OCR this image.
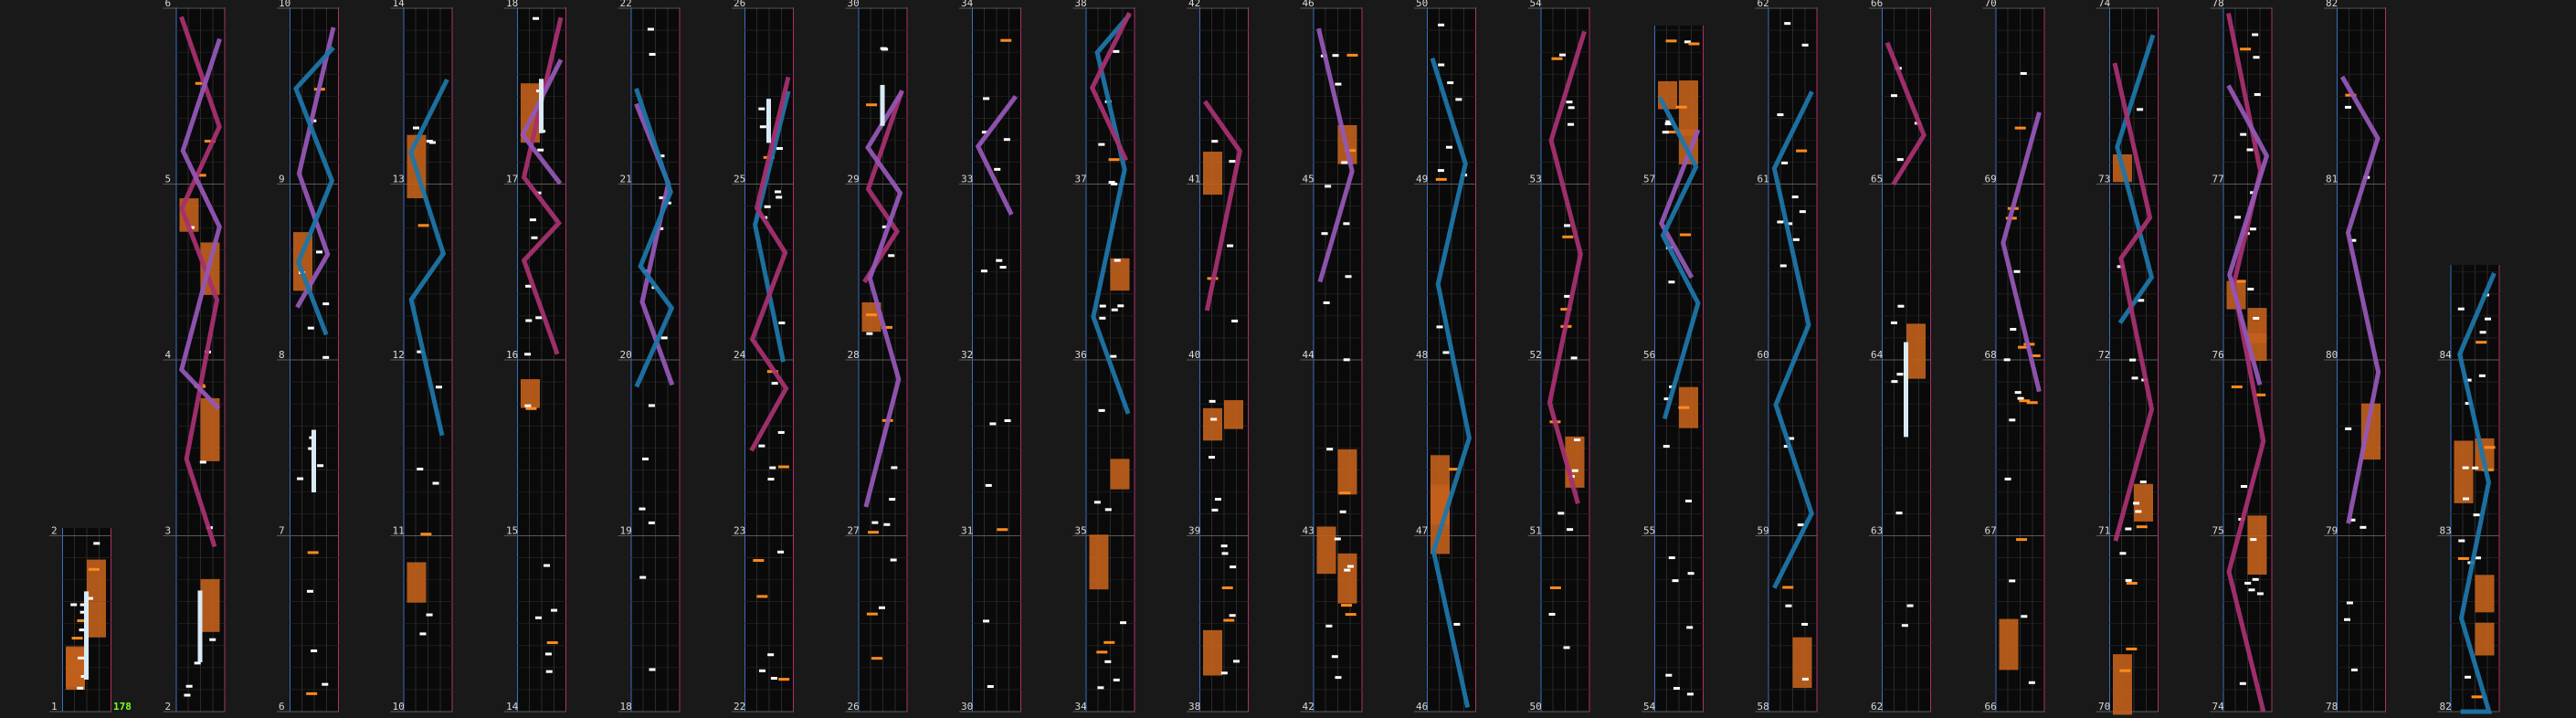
1
2
178	2
3
4
5
6
6
7
8
9
10
10
11
12
13
14
14
15
16
17
18
18
19
20
21
22
22
23
24
25
26
26
27
28
29
30
30
31
32
33
34
34
35
36
37
38
38
39
40
41
42
42
43
44
45
46
46
47
48
49
50
50
51
52
53
54
54
55
56
57
58
59
60
61
62
62
63
64
65
66
66
67
68
69
70
70
71
72
73
74
74
75
76
77
78
78
79
80
81
82
82
83
84
